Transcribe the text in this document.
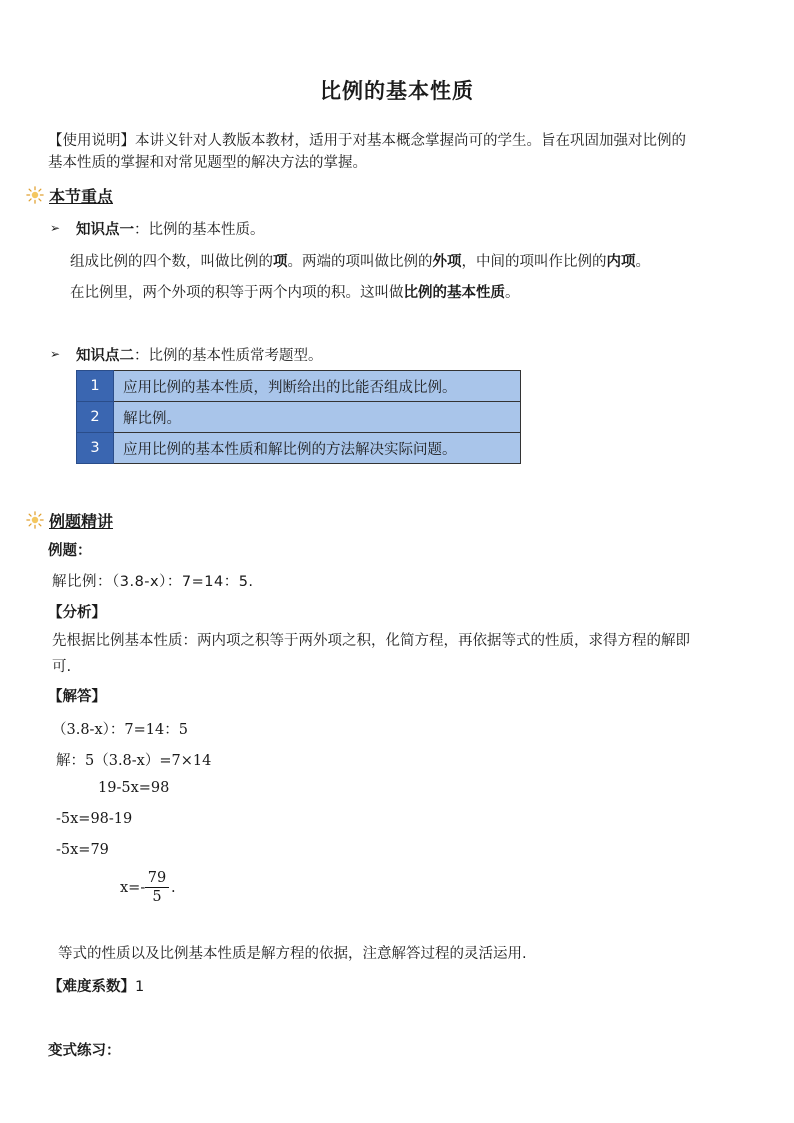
比例的基本性质
【使用说明】本讲义针对人教版本教材，适用于对基本概念掌握尚可的学生。旨在巩固加强对比例的
基本性质的掌握和对常见题型的解决方法的掌握。
本节重点
➢ 知识点一：比例的基本性质。
组成比例的四个数，叫做比例的项。两端的项叫做比例的外项，中间的项叫作比例的内项。
在比例里，两个外项的积等于两个内项的积。这叫做比例的基本性质。
➢ 知识点二：比例的基本性质常考题型。
1	应用比例的基本性质，判断给出的比能否组成比例。
2	解比例。
3	应用比例的基本性质和解比例的方法解决实际问题。
例题精讲
例题：
解比例：（3.8-x）：7=14：5.
【分析】
先根据比例基本性质：两内项之积等于两外项之积，化简方程，再依据等式的性质，求得方程的解即
可.
【解答】
（3.8-x）：7=14：5
解：5（3.8-x）=7×14
19-5x=98
-5x=98-19
-5x=79
x=-
79
5
.
等式的性质以及比例基本性质是解方程的依据，注意解答过程的灵活运用.
【难度系数】1
变式练习：
